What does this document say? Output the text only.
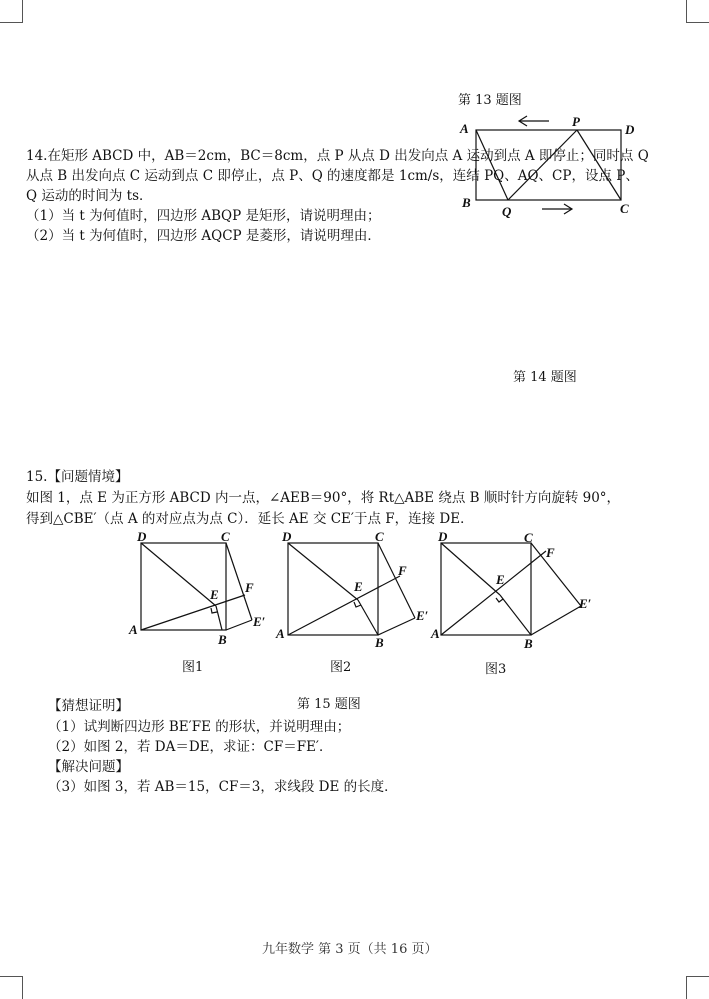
第 13 题图
A	P
D
B
Q	C
14.在矩形 ABCD 中，AB＝2cm，BC＝8cm，点 P 从点 D 出发向点 A 运动到点 A 即停止；同时点 Q
从点 B 出发向点 C 运动到点 C 即停止，点 P、Q 的速度都是 1cm/s，连结 PQ、AQ、CP，设点 P、
Q 运动的时间为 ts．
（1）当 t 为何值时，四边形 ABQP 是矩形，请说明理由；
（2）当 t 为何值时，四边形 AQCP 是菱形，请说明理由．
第 14 题图
15.【问题情境】
如图 1，点 E 为正方形 ABCD 内一点，∠AEB＝90°，将 Rt△ABE 绕点 B 顺时针方向旋转 90°，
得到△CBE′（点 A 的对应点为点 C）．延长 AE 交 CE′于点 F，连接 DE．
D	C
E F
A
B
E′
图1
D	C
E
F
A
B
E′
图2
D	C
E
F
A
B
E′
图3
第 15 题图
【猜想证明】
（1）试判断四边形 BE′FE 的形状，并说明理由；
（2）如图 2，若 DA＝DE，求证：CF＝FE′．
【解决问题】
（3）如图 3，若 AB＝15，CF＝3，求线段 DE 的长度．
九年数学 第 3 页（共 16 页）
